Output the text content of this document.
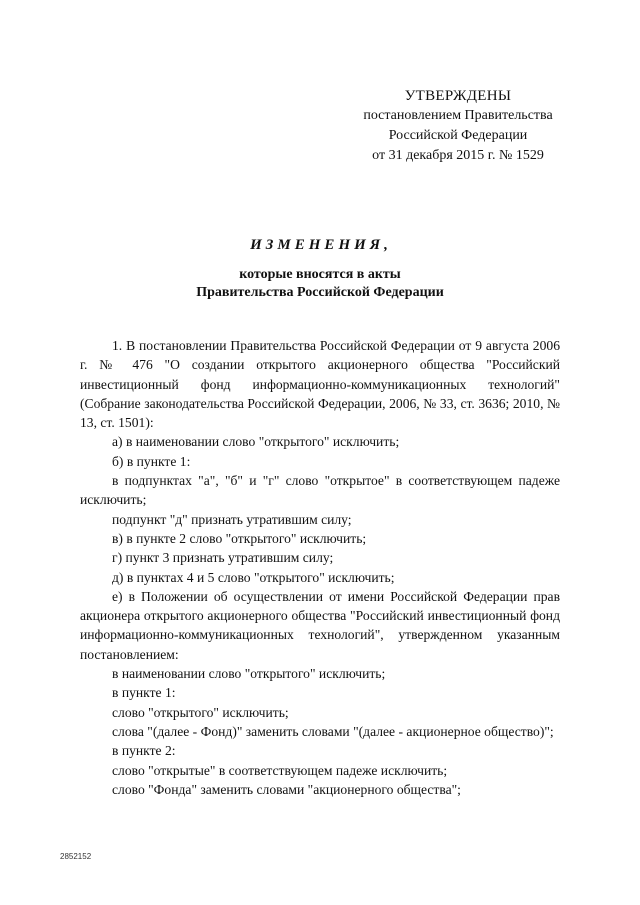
УТВЕРЖДЕНЫ
постановлением Правительства
Российской Федерации
от 31 декабря 2015 г. № 1529
ИЗМЕНЕНИЯ,
которые вносятся в акты
Правительства Российской Федерации

1. В постановлении Правительства Российской Федерации от 9 августа 2006 г. № 476 "О создании открытого акционерного общества "Российский инвестиционный фонд информационно-коммуникационных технологий" (Собрание законодательства Российской Федерации, 2006, № 33, ст. 3636; 2010, № 13, ст. 1501):

а) в наименовании слово "открытого" исключить;

б) в пункте 1:

в подпунктах "а", "б" и "г" слово "открытое" в соответствующем падеже исключить;

подпункт "д" признать утратившим силу;

в) в пункте 2 слово "открытого" исключить;

г) пункт 3 признать утратившим силу;

д) в пунктах 4 и 5 слово "открытого" исключить;

е) в Положении об осуществлении от имени Российской Федерации прав акционера открытого акционерного общества "Российский инвестиционный фонд информационно-коммуникационных технологий", утвержденном указанным постановлением:

в наименовании слово "открытого" исключить;

в пункте 1:

слово "открытого" исключить;

слова "(далее - Фонд)" заменить словами "(далее - акционерное общество)";

в пункте 2:

слово "открытые" в соответствующем падеже исключить;

слово "Фонда" заменить словами "акционерного общества";

2852152
